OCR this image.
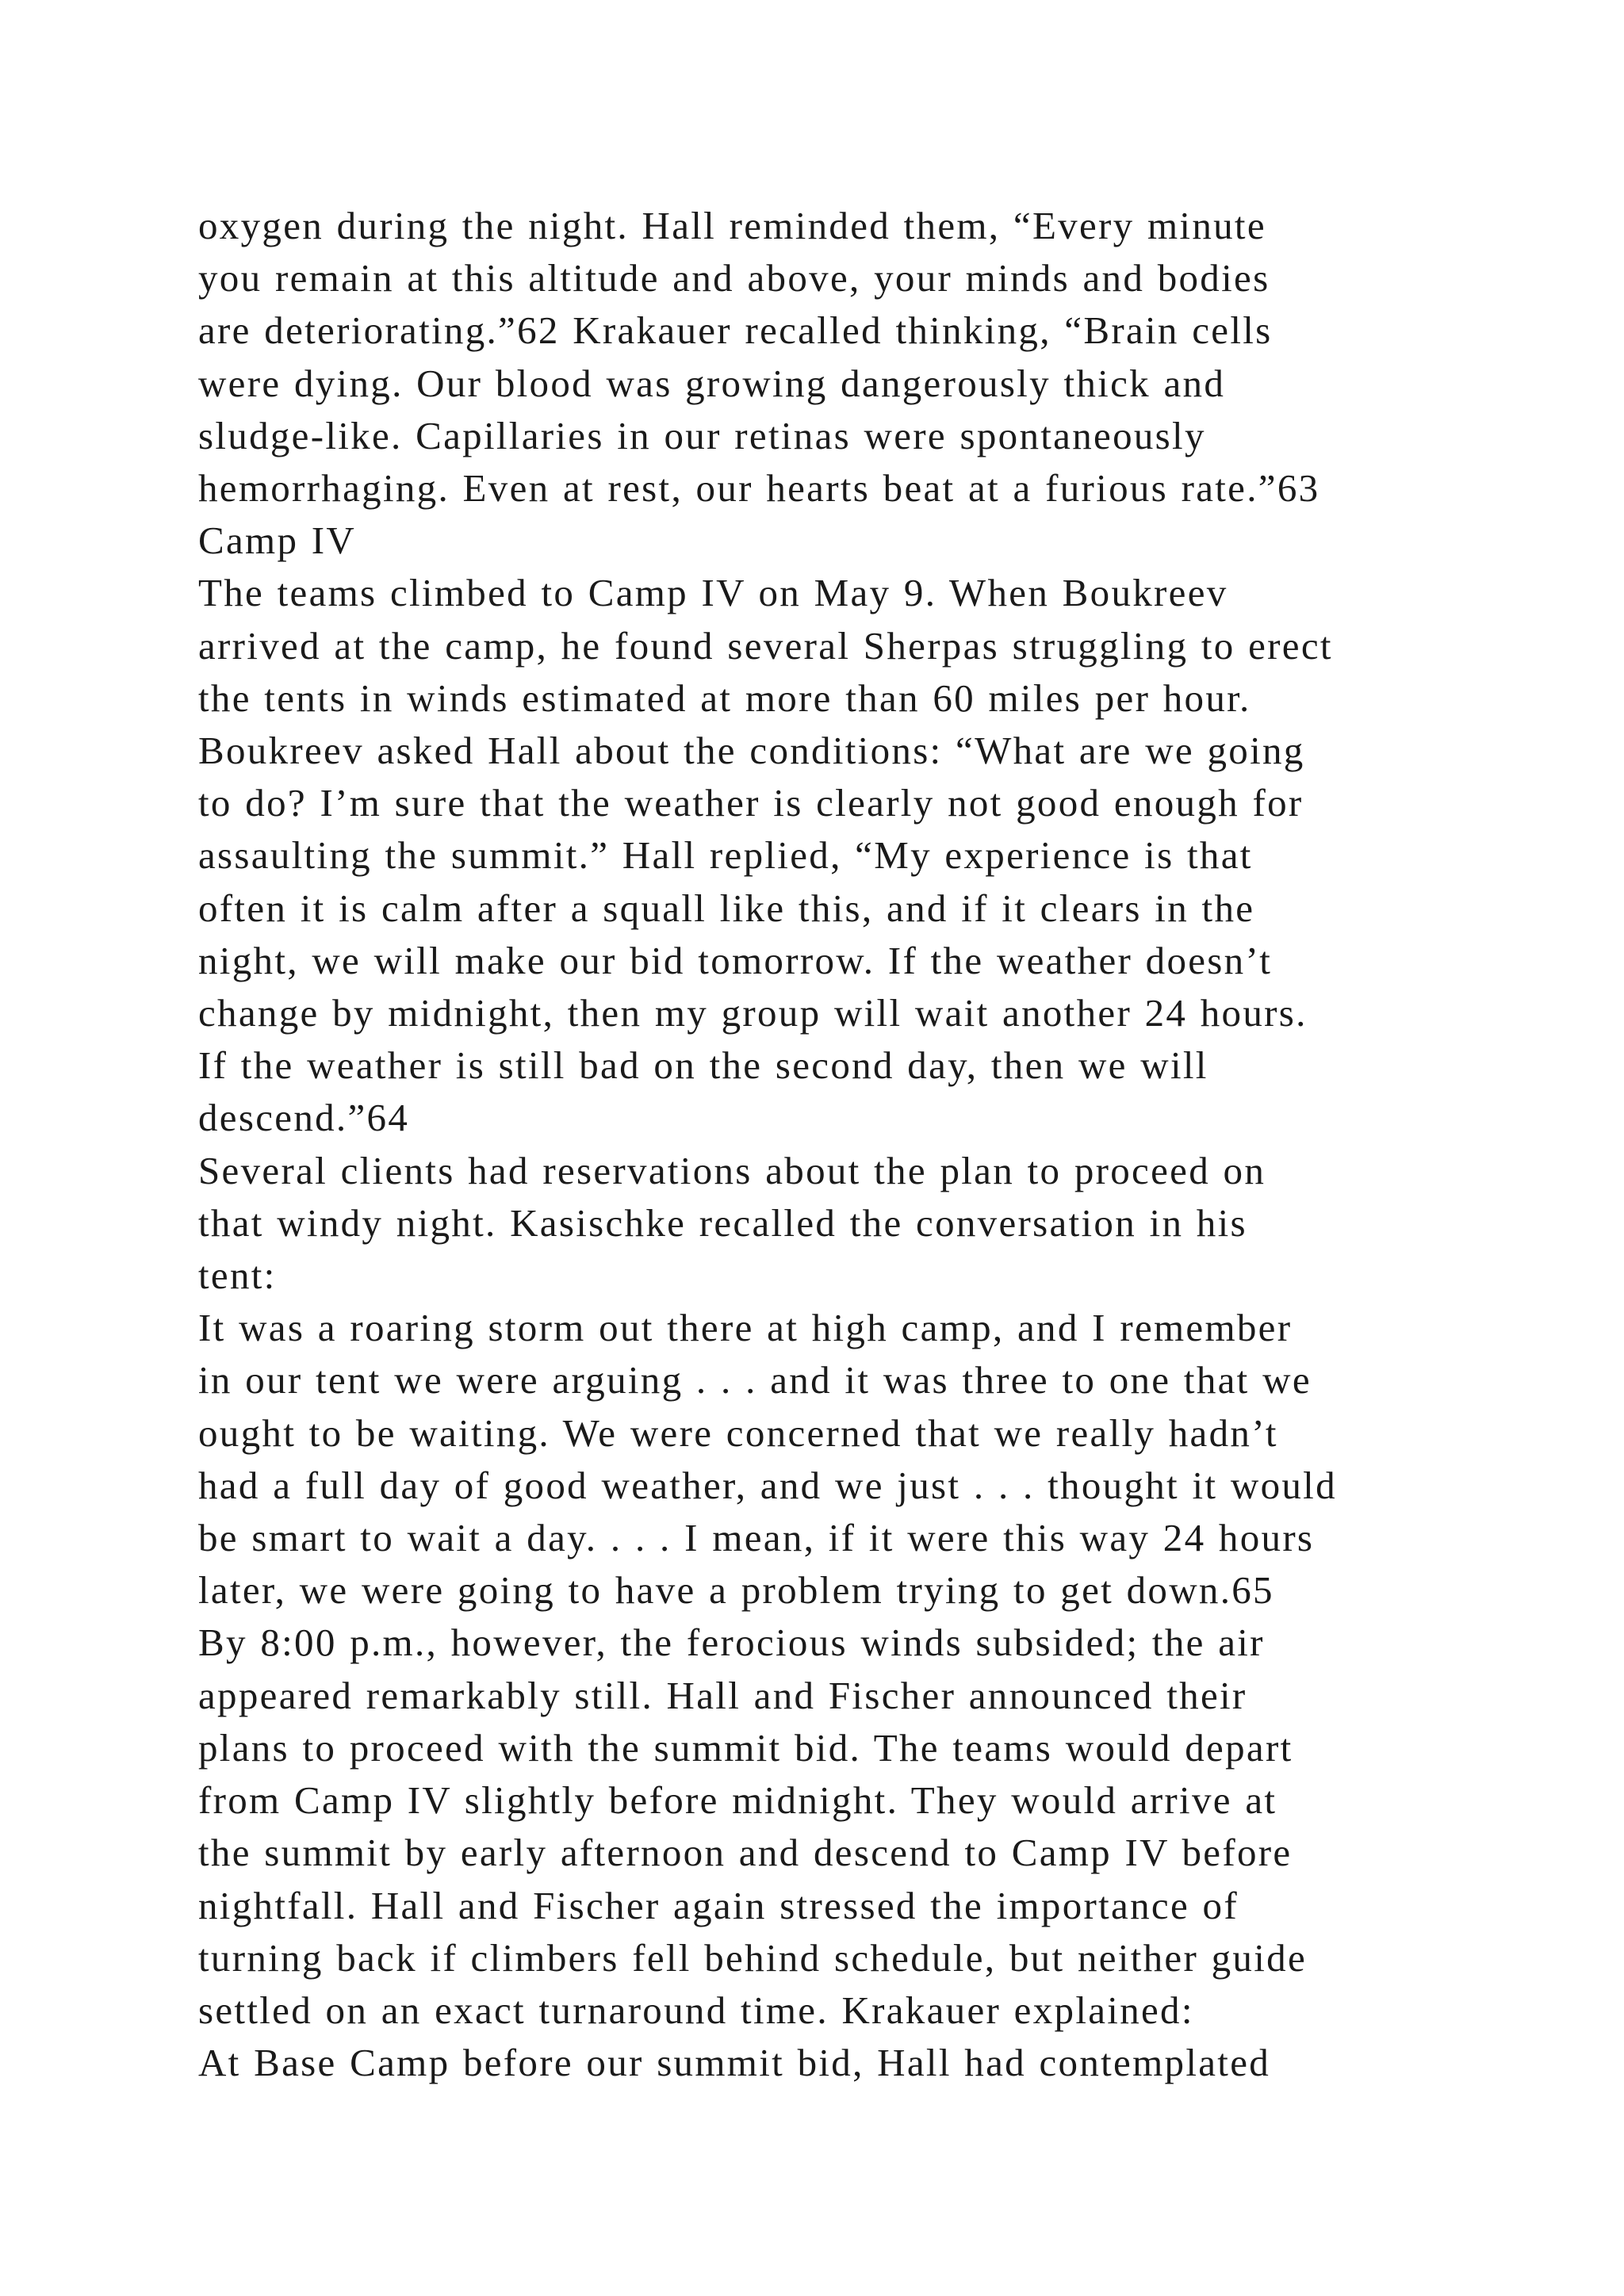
oxygen during the night. Hall reminded them, “Every minute
you remain at this altitude and above, your minds and bodies
are deteriorating.”62 Krakauer recalled thinking, “Brain cells
were dying. Our blood was growing dangerously thick and
sludge-like. Capillaries in our retinas were spontaneously
hemorrhaging. Even at rest, our hearts beat at a furious rate.”63
Camp IV
The teams climbed to Camp IV on May 9. When Boukreev
arrived at the camp, he found several Sherpas struggling to erect
the tents in winds estimated at more than 60 miles per hour.
Boukreev asked Hall about the conditions: “What are we going
to do? I’m sure that the weather is clearly not good enough for
assaulting the summit.” Hall replied, “My experience is that
often it is calm after a squall like this, and if it clears in the
night, we will make our bid tomorrow. If the weather doesn’t
change by midnight, then my group will wait another 24 hours.
If the weather is still bad on the second day, then we will
descend.”64
Several clients had reservations about the plan to proceed on
that windy night. Kasischke recalled the conversation in his
tent:
It was a roaring storm out there at high camp, and I remember
in our tent we were arguing . . . and it was three to one that we
ought to be waiting. We were concerned that we really hadn’t
had a full day of good weather, and we just . . . thought it would
be smart to wait a day. . . . I mean, if it were this way 24 hours
later, we were going to have a problem trying to get down.65
By 8:00 p.m., however, the ferocious winds subsided; the air
appeared remarkably still. Hall and Fischer announced their
plans to proceed with the summit bid. The teams would depart
from Camp IV slightly before midnight. They would arrive at
the summit by early afternoon and descend to Camp IV before
nightfall. Hall and Fischer again stressed the importance of
turning back if climbers fell behind schedule, but neither guide
settled on an exact turnaround time. Krakauer explained:
At Base Camp before our summit bid, Hall had contemplated
